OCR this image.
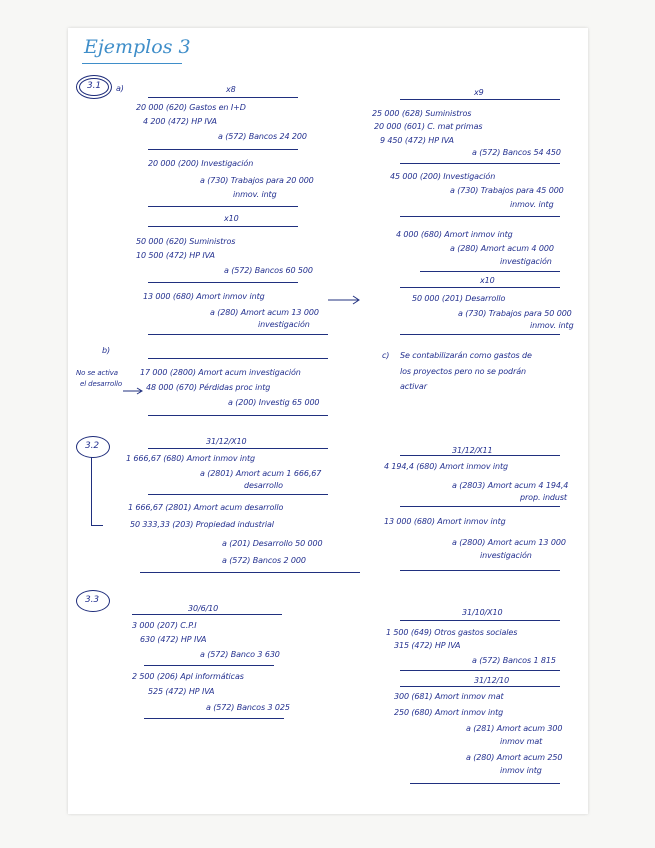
Ejemplos 3
3.1 a)	x8
20 000 (620) Gastos en I+D
4 200 (472) HP IVA
a (572) Bancos 24 200
20 000 (200) Investigación
a (730) Trabajos para 20 000
inmov. intg
x10
50 000 (620) Suministros
10 500 (472) HP IVA
a (572) Bancos 60 500
13 000 (680) Amort inmov intg
a (280) Amort acum 13 000
investigación
x9
25 000 (628) Suministros
20 000 (601) C. mat primas
9 450 (472) HP IVA
a (572) Bancos 54 450
45 000 (200) Investigación
a (730) Trabajos para 45 000
inmov. intg
4 000 (680) Amort inmov intg
a (280) Amort acum 4 000
investigación
x10
50 000 (201) Desarrollo
a (730) Trabajos para 50 000
inmov. intg
b)
No se activa
el desarrollo
17 000 (2800) Amort acum investigación
48 000 (670) Pérdidas proc intg
a (200) Investig 65 000
c) Se contabilizarán como gastos de
los proyectos pero no se podrán
activar
3.2	31/12/X10
1 666,67 (680) Amort inmov intg
a (2801) Amort acum 1 666,67
desarrollo
1 666,67 (2801) Amort acum desarrollo
50 333,33 (203) Propiedad industrial
a (201) Desarrollo 50 000
a (572) Bancos 2 000
31/12/X11
4 194,4 (680) Amort inmov intg
a (2803) Amort acum 4 194,4
prop. indust
13 000 (680) Amort inmov intg
a (2800) Amort acum 13 000
investigación
3.3
30/6/10
3 000 (207) C.P.I
630 (472) HP IVA
a (572) Banco 3 630
2 500 (206) Apl informáticas
525 (472) HP IVA
a (572) Bancos 3 025
31/10/X10
1 500 (649) Otros gastos sociales
315 (472) HP IVA
a (572) Bancos 1 815
31/12/10
300 (681) Amort inmov mat
250 (680) Amort inmov intg
a (281) Amort acum 300
inmov mat
a (280) Amort acum 250
inmov intg
